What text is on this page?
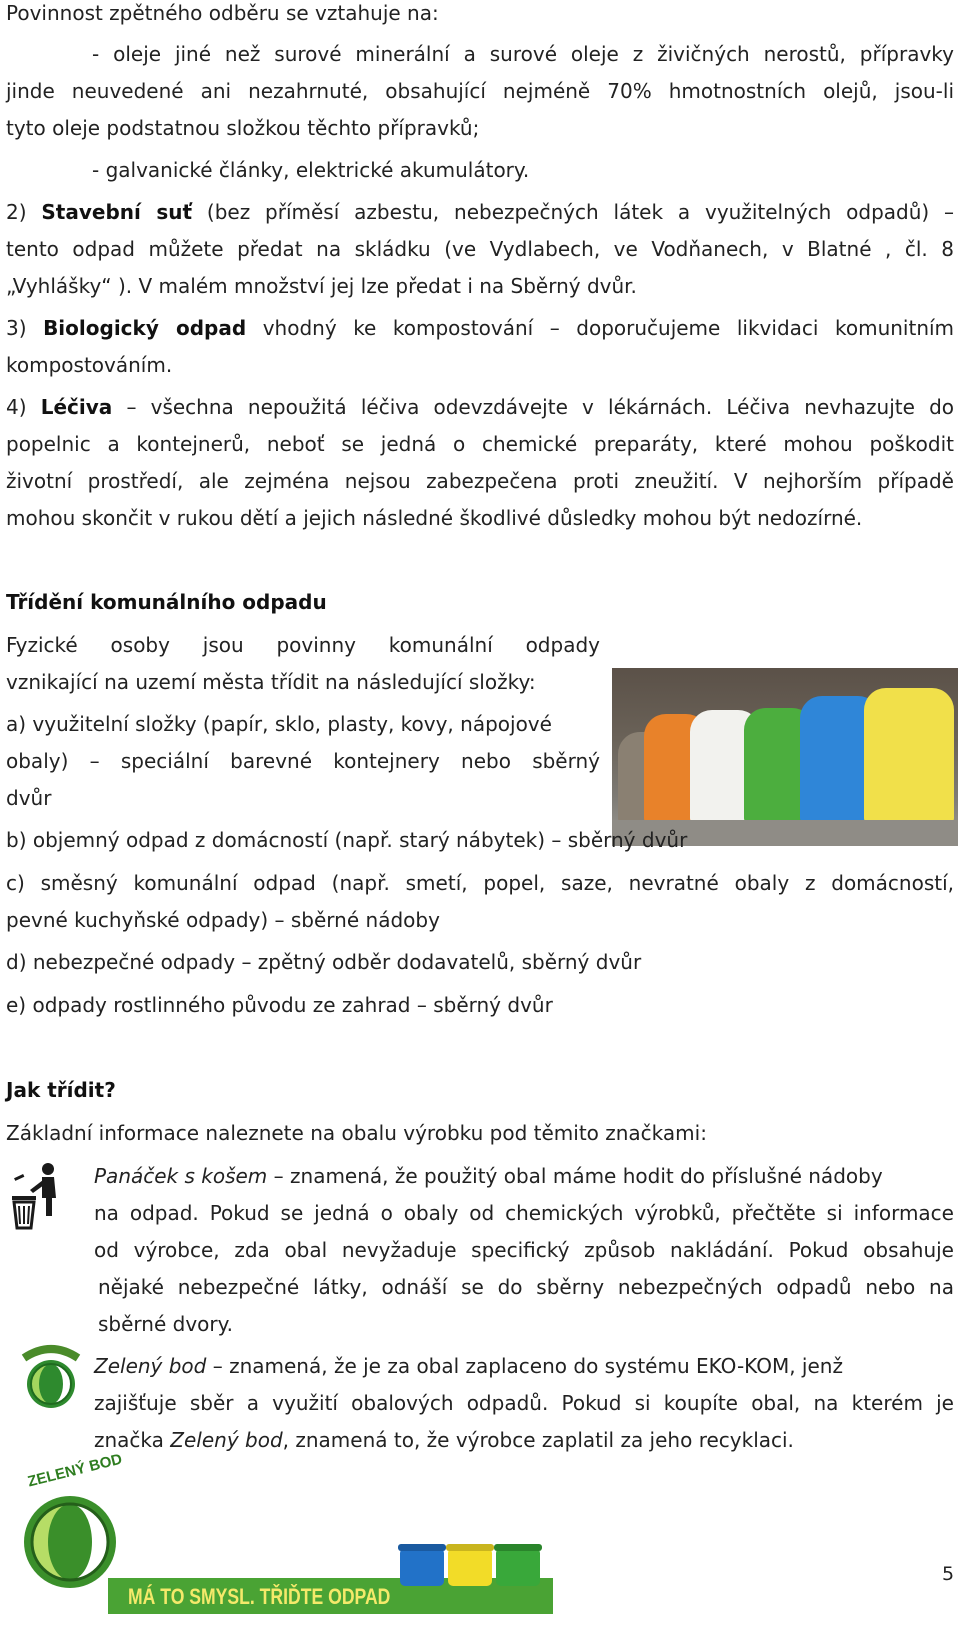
Povinnost zpětného odběru se vztahuje na:
- oleje jiné než surové minerální a surové oleje z živičných nerostů, přípravky
jinde neuvedené ani nezahrnuté, obsahující nejméně 70% hmotnostních olejů, jsou-li
tyto oleje podstatnou složkou těchto přípravků;
- galvanické články, elektrické akumulátory.
2) Stavební suť (bez příměsí azbestu, nebezpečných látek a využitelných odpadů) –
tento odpad můžete předat na skládku (ve Vydlabech, ve Vodňanech, v Blatné , čl. 8
„Vyhlášky“ ). V malém množství jej lze předat i na Sběrný dvůr.
3) Biologický odpad vhodný ke kompostování – doporučujeme likvidaci komunitním
kompostováním.
4) Léčiva – všechna nepoužitá léčiva odevzdávejte v lékárnách. Léčiva nevhazujte do
popelnic a kontejnerů, neboť se jedná o chemické preparáty, které mohou poškodit
životní prostředí, ale zejména nejsou zabezpečena proti zneužití. V nejhorším případě
mohou skončit v rukou dětí a jejich následné škodlivé důsledky mohou být nedozírné.
Třídění komunálního odpadu
Fyzické osoby jsou povinny komunální odpady
vznikající na uzemí města třídit na následující složky:
a) využitelní složky (papír, sklo, plasty, kovy, nápojové
obaly) – speciální barevné kontejnery nebo sběrný
dvůr
b) objemný odpad z domácností (např. starý nábytek) – sběrný dvůr
c) směsný komunální odpad (např. smetí, popel, saze, nevratné obaly z domácností,
pevné kuchyňské odpady) – sběrné nádoby
d) nebezpečné odpady – zpětný odběr dodavatelů, sběrný dvůr
e) odpady rostlinného původu ze zahrad – sběrný dvůr
Jak třídit?
Základní informace naleznete na obalu výrobku pod těmito značkami:
Panáček s košem – znamená, že použitý obal máme hodit do příslušné nádoby
na odpad. Pokud se jedná o obaly od chemických výrobků, přečtěte si informace
od výrobce, zda obal nevyžaduje specifický způsob nakládání. Pokud obsahuje
nějaké nebezpečné látky, odnáší se do sběrny nebezpečných odpadů nebo na
sběrné dvory.
Zelený bod – znamená, že je za obal zaplaceno do systému EKO-KOM, jenž
zajišťuje sběr a využití obalových odpadů. Pokud si koupíte obal, na kterém je
značka Zelený bod, znamená to, že výrobce zaplatil za jeho recyklaci.
ZELENÝ BOD
MÁ TO SMYSL. TŘIĎTE ODPAD
5
